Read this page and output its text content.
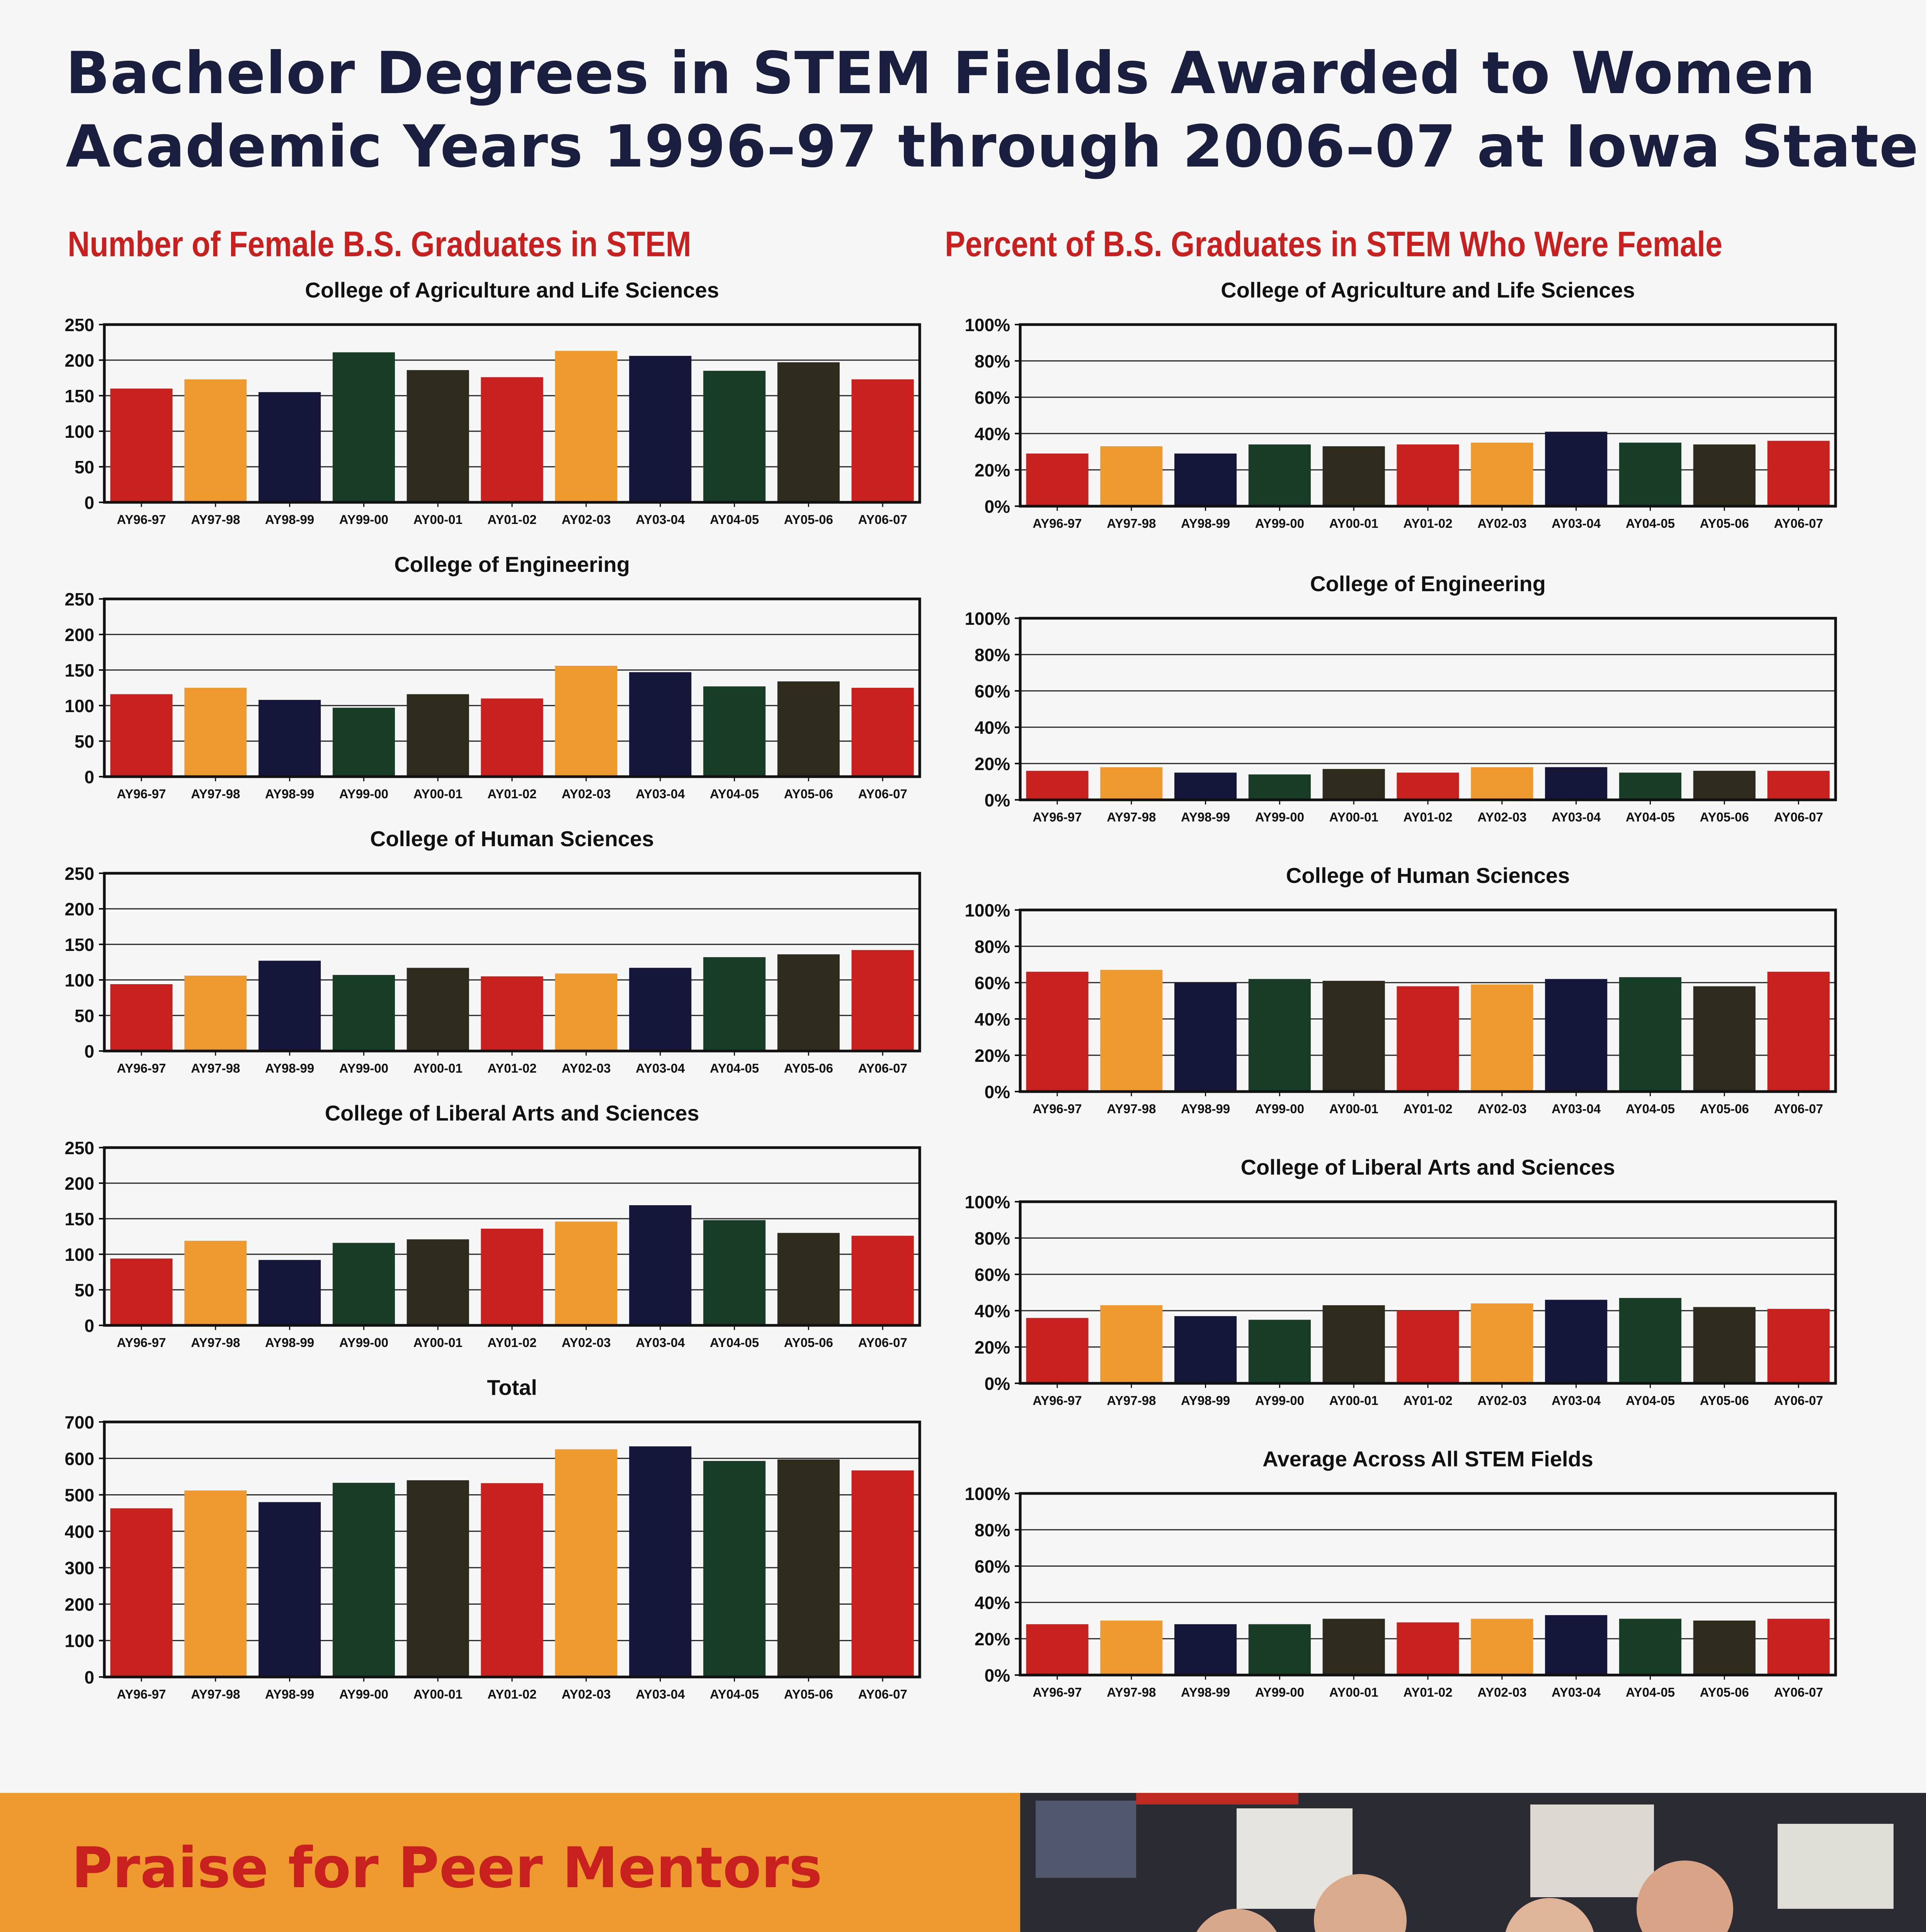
Bachelor Degrees in STEM Fields Awarded to Women
Academic Years 1996–97 through 2006–07 at Iowa State
Number of Female B.S. Graduates in STEM	Percent of B.S. Graduates in STEM Who Were Female
College of Agriculture and Life Sciences
0
50
100
150
200
250
AY96-97 AY97-98 AY98-99 AY99-00 AY00-01 AY01-02 AY02-03 AY03-04 AY04-05 AY05-06 AY06-07
College of Engineering
0
50
100
150
200
250
AY96-97 AY97-98 AY98-99 AY99-00 AY00-01 AY01-02 AY02-03 AY03-04 AY04-05 AY05-06 AY06-07
College of Human Sciences
0
50
100
150
200
250
AY96-97 AY97-98 AY98-99 AY99-00 AY00-01 AY01-02 AY02-03 AY03-04 AY04-05 AY05-06 AY06-07
College of Liberal Arts and Sciences
0
50
100
150
200
250
AY96-97 AY97-98 AY98-99 AY99-00 AY00-01 AY01-02 AY02-03 AY03-04 AY04-05 AY05-06 AY06-07
Total
0
100
200
300
400
500
600
700
AY96-97 AY97-98 AY98-99 AY99-00 AY00-01 AY01-02 AY02-03 AY03-04 AY04-05 AY05-06 AY06-07
College of Agriculture and Life Sciences
0%
20%
40%
60%
80%
100%
AY96-97 AY97-98 AY98-99 AY99-00 AY00-01 AY01-02 AY02-03 AY03-04 AY04-05 AY05-06 AY06-07
College of Engineering
0%
20%
40%
60%
80%
100%
AY96-97 AY97-98 AY98-99 AY99-00 AY00-01 AY01-02 AY02-03 AY03-04 AY04-05 AY05-06 AY06-07
College of Human Sciences
0%
20%
40%
60%
80%
100%
AY96-97 AY97-98 AY98-99 AY99-00 AY00-01 AY01-02 AY02-03 AY03-04 AY04-05 AY05-06 AY06-07
College of Liberal Arts and Sciences
0%
20%
40%
60%
80%
100%
AY96-97 AY97-98 AY98-99 AY99-00 AY00-01 AY01-02 AY02-03 AY03-04 AY04-05 AY05-06 AY06-07
Average Across All STEM Fields
0%
20%
40%
60%
80%
100%
AY96-97 AY97-98 AY98-99 AY99-00 AY00-01 AY01-02 AY02-03 AY03-04 AY04-05 AY05-06 AY06-07
Praise for Peer Mentors
